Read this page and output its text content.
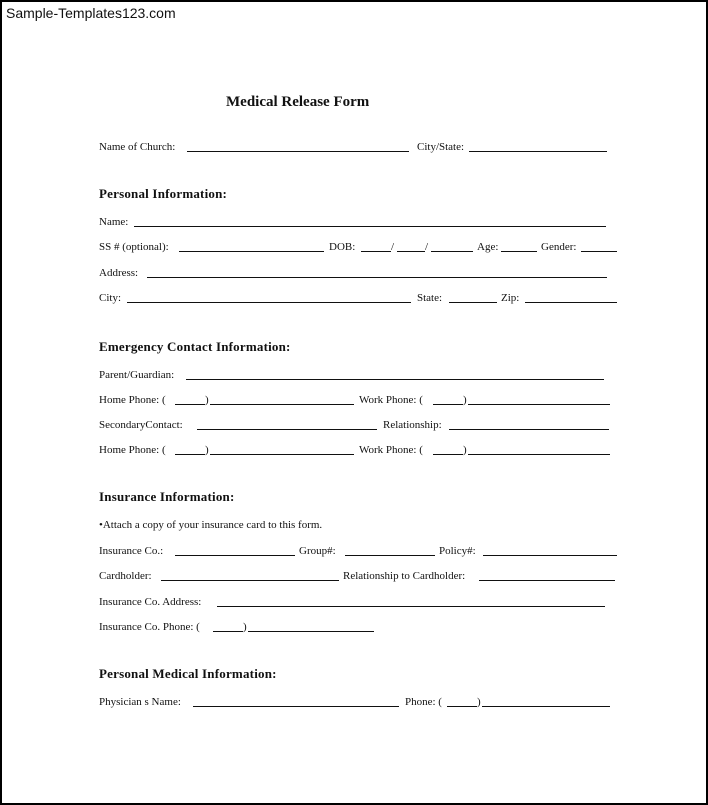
Sample-Templates123.com
Medical Release Form
Name of Church:	City/State:
Personal Information:
Name:
SS # (optional):	DOB:	/	/	Age:	Gender:
Address:
City:	State:	Zip:
Emergency Contact Information:
Parent/Guardian:
Home Phone: (	)	Work Phone: (	)
SecondaryContact:	Relationship:
Home Phone: (	)	Work Phone: (	)
Insurance Information:
•Attach a copy of your insurance card to this form.
Insurance Co.:	Group#:	Policy#:
Cardholder:	Relationship to Cardholder:
Insurance Co. Address:
Insurance Co. Phone: (	)
Personal Medical Information:
Physician s Name:	Phone: (	)
